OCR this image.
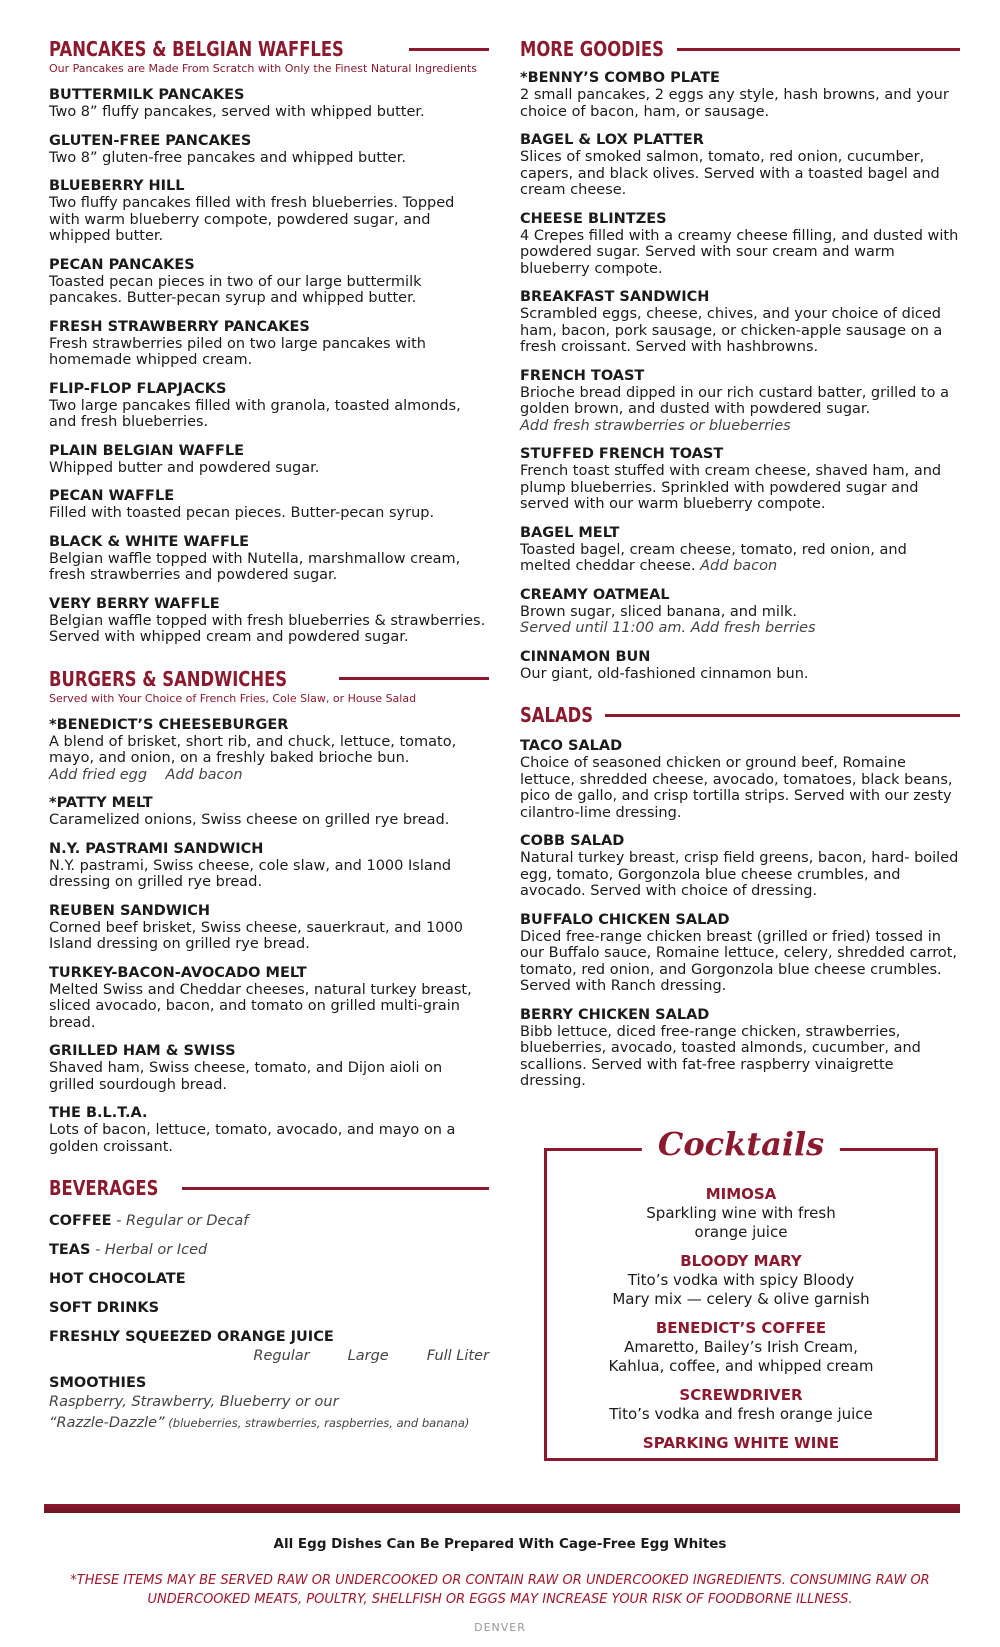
PANCAKES & BELGIAN WAFFLES
Our Pancakes are Made From Scratch with Only the Finest Natural Ingredients
BUTTERMILK PANCAKES
Two 8” fluffy pancakes, served with whipped butter.
GLUTEN-FREE PANCAKES
Two 8” gluten-free pancakes and whipped butter.
BLUEBERRY HILL
Two fluffy pancakes filled with fresh blueberries. Topped with warm blueberry compote, powdered sugar, and whipped butter.
PECAN PANCAKES
Toasted pecan pieces in two of our large buttermilk pancakes. Butter-pecan syrup and whipped butter.
FRESH STRAWBERRY PANCAKES
Fresh strawberries piled on two large pancakes with homemade whipped cream.
FLIP-FLOP FLAPJACKS
Two large pancakes filled with granola, toasted almonds, and fresh blueberries.
PLAIN BELGIAN WAFFLE
Whipped butter and powdered sugar.
PECAN WAFFLE
Filled with toasted pecan pieces. Butter-pecan syrup.
BLACK & WHITE WAFFLE
Belgian waffle topped with Nutella, marshmallow cream, fresh strawberries and powdered sugar.
VERY BERRY WAFFLE
Belgian waffle topped with fresh blueberries & strawberries. Served with whipped cream and powdered sugar.
BURGERS & SANDWICHES
Served with Your Choice of French Fries, Cole Slaw, or House Salad
*BENEDICT’S CHEESEBURGER
A blend of brisket, short rib, and chuck, lettuce, tomato, mayo, and onion, on a freshly baked brioche bun.
Add fried egg    Add bacon
*PATTY MELT
Caramelized onions, Swiss cheese on grilled rye bread.
N.Y. PASTRAMI SANDWICH
N.Y. pastrami, Swiss cheese, cole slaw, and 1000 Island dressing on grilled rye bread.
REUBEN SANDWICH
Corned beef brisket, Swiss cheese, sauerkraut, and 1000 Island dressing on grilled rye bread.
TURKEY-BACON-AVOCADO MELT
Melted Swiss and Cheddar cheeses, natural turkey breast, sliced avocado, bacon, and tomato on grilled multi-grain bread.
GRILLED HAM & SWISS
Shaved ham, Swiss cheese, tomato, and Dijon aioli on grilled sourdough bread.
THE B.L.T.A.
Lots of bacon, lettuce, tomato, avocado, and mayo on a golden croissant.
BEVERAGES
COFFEE - Regular or Decaf
TEAS - Herbal or Iced
HOT CHOCOLATE
SOFT DRINKS
FRESHLY SQUEEZED ORANGE JUICE
Regular	Large	Full Liter
SMOOTHIES
Raspberry, Strawberry, Blueberry or our
“Razzle-Dazzle” (blueberries, strawberries, raspberries, and banana)
MORE GOODIES
*BENNY’S COMBO PLATE
2 small pancakes, 2 eggs any style, hash browns, and your choice of bacon, ham, or sausage.
BAGEL & LOX PLATTER
Slices of smoked salmon, tomato, red onion, cucumber, capers, and black olives. Served with a toasted bagel and cream cheese.
CHEESE BLINTZES
4 Crepes filled with a creamy cheese filling, and dusted with powdered sugar. Served with sour cream and warm blueberry compote.
BREAKFAST SANDWICH
Scrambled eggs, cheese, chives, and your choice of diced ham, bacon, pork sausage, or chicken-apple sausage on a fresh croissant. Served with hashbrowns.
FRENCH TOAST
Brioche bread dipped in our rich custard batter, grilled to a golden brown, and dusted with powdered sugar.
Add fresh strawberries or blueberries
STUFFED FRENCH TOAST
French toast stuffed with cream cheese, shaved ham, and plump blueberries. Sprinkled with powdered sugar and served with our warm blueberry compote.
BAGEL MELT
Toasted bagel, cream cheese, tomato, red onion, and melted cheddar cheese. Add bacon
CREAMY OATMEAL
Brown sugar, sliced banana, and milk.
Served until 11:00 am. Add fresh berries
CINNAMON BUN
Our giant, old-fashioned cinnamon bun.
SALADS
TACO SALAD
Choice of seasoned chicken or ground beef, Romaine lettuce, shredded cheese, avocado, tomatoes, black beans, pico de gallo, and crisp tortilla strips. Served with our zesty cilantro-lime dressing.
COBB SALAD
Natural turkey breast, crisp field greens, bacon, hard- boiled egg, tomato, Gorgonzola blue cheese crumbles, and avocado. Served with choice of dressing.
BUFFALO CHICKEN SALAD
Diced free-range chicken breast (grilled or fried) tossed in our Buffalo sauce, Romaine lettuce, celery, shredded carrot, tomato, red onion, and Gorgonzola blue cheese crumbles. Served with Ranch dressing.
BERRY CHICKEN SALAD
Bibb lettuce, diced free-range chicken, strawberries, blueberries, avocado, toasted almonds, cucumber, and scallions. Served with fat-free raspberry vinaigrette dressing.
Cocktails
MIMOSA
Sparkling wine with fresh
orange juice
BLOODY MARY
Tito’s vodka with spicy Bloody
Mary mix — celery & olive garnish
BENEDICT’S COFFEE
Amaretto, Bailey’s Irish Cream,
Kahlua, coffee, and whipped cream
SCREWDRIVER
Tito’s vodka and fresh orange juice
SPARKING WHITE WINE
All Egg Dishes Can Be Prepared With Cage-Free Egg Whites
*THESE ITEMS MAY BE SERVED RAW OR UNDERCOOKED OR CONTAIN RAW OR UNDERCOOKED INGREDIENTS. CONSUMING RAW OR UNDERCOOKED MEATS, POULTRY, SHELLFISH OR EGGS MAY INCREASE YOUR RISK OF FOODBORNE ILLNESS.
DENVER
